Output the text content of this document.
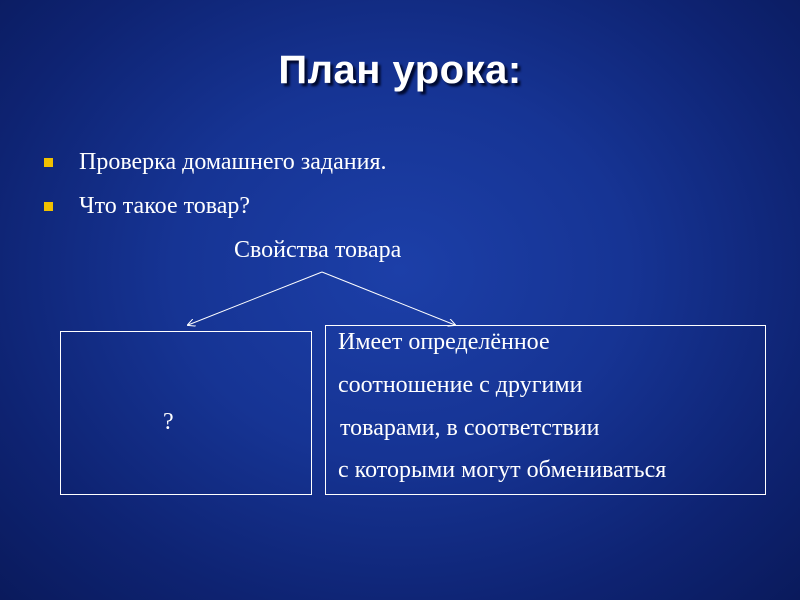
План урока:
Проверка домашнего задания.
Что такое товар?
Свойства товара
?
Имеет определённое
соотношение с другими
товарами, в соответствии
с которыми могут обмениваться
